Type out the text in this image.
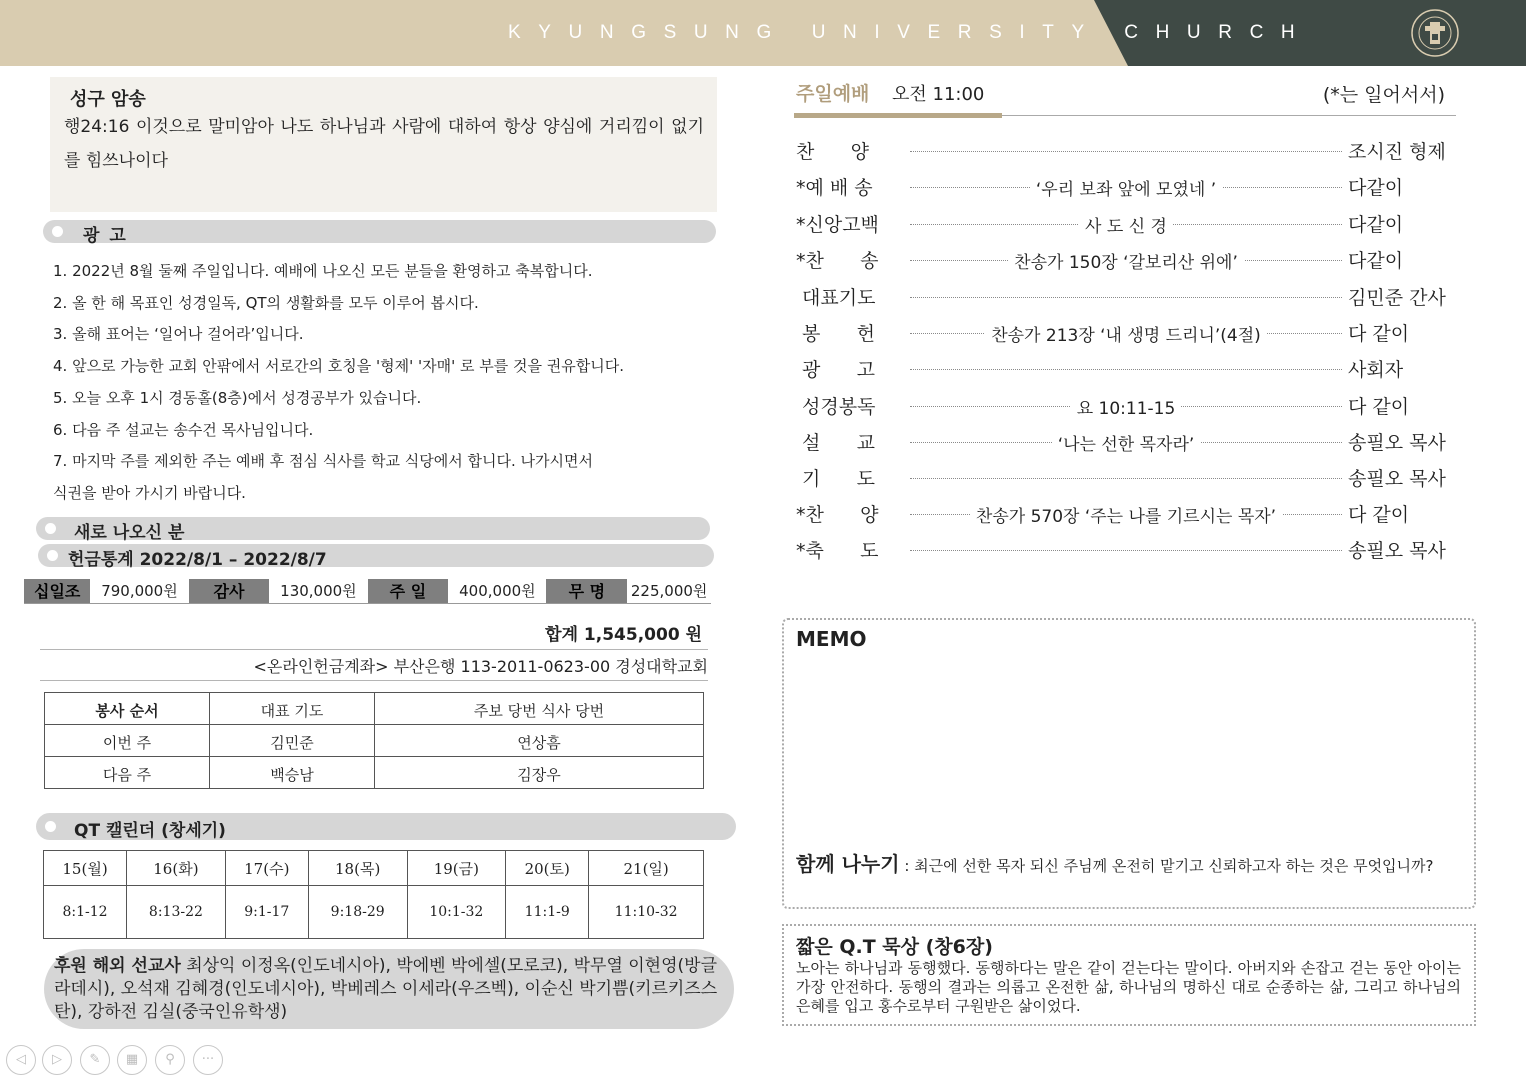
KYUNGSUNG UNIVERSITY CHURCH
성구 암송
행24:16 이것으로 말미암아 나도 하나님과 사람에 대하여 항상 양심에 거리낌이 없기를 힘쓰나이다
광 고
1. 2022년 8월 둘째 주일입니다. 예배에 나오신 모든 분들을 환영하고 축복합니다.
2. 올 한 해 목표인 성경일독, QT의 생활화를 모두 이루어 봅시다.
3. 올해 표어는 ‘일어나 걸어라’입니다.
4. 앞으로 가능한 교회 안팎에서 서로간의 호칭을 '형제' '자매' 로 부를 것을 권유합니다.
5. 오늘 오후 1시 경동홀(8층)에서 성경공부가 있습니다.
6. 다음 주 설교는 송수건 목사님입니다.
7. 마지막 주를 제외한 주는 예배 후 점심 식사를 학교 식당에서 합니다. 나가시면서
식권을 받아 가시기 바랍니다.
새로 나오신 분
헌금통계 2022/8/1 – 2022/8/7
십일조	790,000원	감사	130,000원	주 일	400,000원	무 명	225,000원
합계 1,545,000 원
<온라인헌금계좌> 부산은행 113-2011-0623-00 경성대학교회
봉사 순서	대표 기도	주보 당번 식사 당번
이번 주	김민준	연상흠
다음 주	백승남	김장우
QT 캘린더 (창세기)
15(월)	16(화)	17(수)	18(목)	19(금)	20(토)	21(일)
8:1-12	8:13-22	9:1-17	9:18-29	10:1-32	11:1-9	11:10-32
후원 해외 선교사 최상익 이정옥(인도네시아), 박에벤 박에셀(모로코), 박무열 이현영(방글라데시), 오석재 김혜경(인도네시아), 박베레스 이세라(우즈벡), 이순신 박기쁨(키르키즈스탄), 강하전 김실(중국인유학생)
주일예배 오전 11:00	(*는 일어서서)
찬      양	조시진 형제
*예 배 송	‘우리 보좌 앞에 모였네 ’	다같이
*신앙고백	사 도 신 경	다같이
*찬      송	찬송가 150장 ‘갈보리산 위에’	다같이
대표기도	김민준 간사
봉      헌	찬송가 213장 ‘내 생명 드리니’(4절)	다 같이
광      고	사회자
성경봉독	요 10:11-15	다 같이
설      교	‘나는 선한 목자라’	송필오 목사
기      도	송필오 목사
*찬      양	찬송가 570장 ‘주는 나를 기르시는 목자’	다 같이
*축      도	송필오 목사
MEMO
함께 나누기 : 최근에 선한 목자 되신 주님께 온전히 맡기고 신뢰하고자 하는 것은 무엇입니까?
짧은 Q.T 묵상 (창6장)
노아는 하나님과 동행했다. 동행하다는 말은 같이 걷는다는 말이다. 아버지와 손잡고 걷는 동안 아이는 가장 안전하다. 동행의 결과는 의롭고 온전한 삶, 하나님의 명하신 대로 순종하는 삶, 그리고 하나님의 은혜를 입고 홍수로부터 구원받은 삶이었다.
◁	▷	✎	▦	⚲	···
